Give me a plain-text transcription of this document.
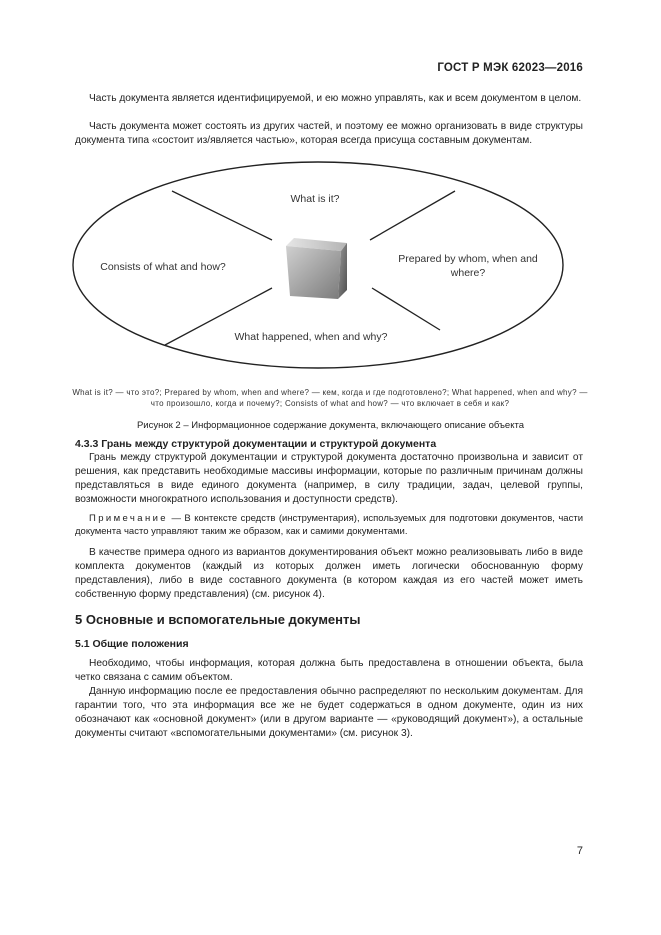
ГОСТ Р МЭК 62023—2016

Часть документа является идентифицируемой, и ею можно управлять, как и всем документом в целом.

Часть документа может состоять из других частей, и поэтому ее можно организовать в виде структуры документа типа «состоит из/является частью», которая всегда присуща составным документам.

What is it?
Consists of what and how?
Prepared by whom, when and
where?
What happened, when and why?
What is it? — что это?; Prepared by whom, when and where? — кем, когда и где подготовлено?; What happened, when and why? —
что произошло, когда и почему?; Consists of what and how? — что включает в себя и как?
Рисунок 2 – Информационное содержание документа, включающего описание объекта
4.3.3 Грань между структурой документации и структурой документа

Грань между структурой документации и структурой документа достаточно произвольна и зависит от решения, как представить необходимые массивы информации, которые по различным причинам должны представляться в виде единого документа (например, в силу традиции, задач, целевой группы, возможности многократного использования и доступности средств).

Примечание — В контексте средств (инструментария), используемых для подготовки документов, части документа часто управляют таким же образом, как и самими документами.

В качестве примера одного из вариантов документирования объект можно реализовывать либо в виде комплекта документов (каждый из которых должен иметь логически обоснованную форму представления), либо в виде составного документа (в котором каждая из его частей может иметь собственную форму представления) (см. рисунок 4).

5 Основные и вспомогательные документы
5.1 Общие положения

Необходимо, чтобы информация, которая должна быть предоставлена в отношении объекта, была четко связана с самим объектом.

Данную информацию после ее предоставления обычно распределяют по нескольким документам. Для гарантии того, что эта информация все же не будет содержаться в одном документе, один из них обозначают как «основной документ» (или в другом варианте — «руководящий документ»), а остальные документы считают «вспомогательными документами» (см. рисунок 3).

7
